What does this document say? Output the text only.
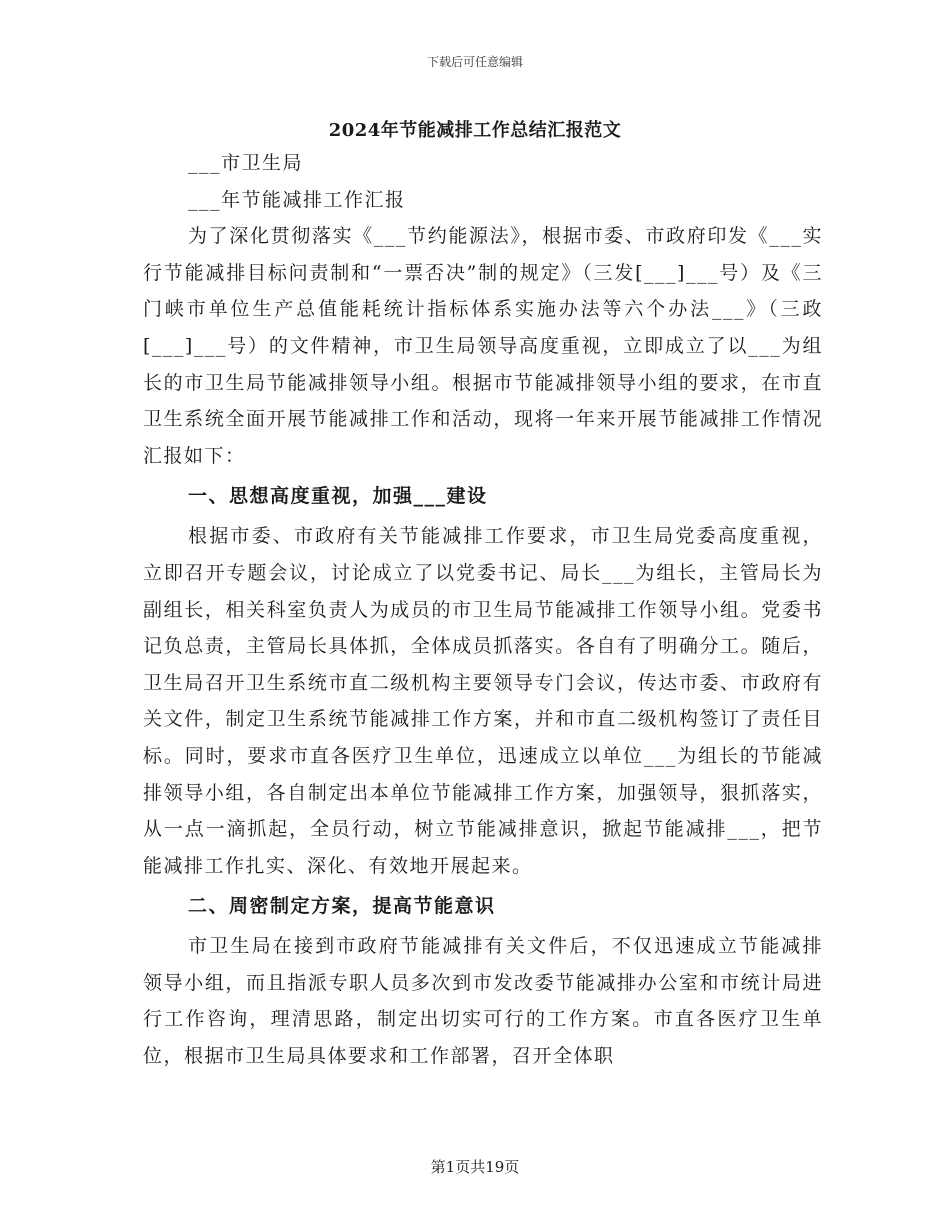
下载后可任意编辑
2024年节能减排工作总结汇报范文

___市卫生局

___年节能减排工作汇报

为了深化贯彻落实《___节约能源法》，根据市委、市政府印发《___实行节能减排目标问责制和“一票否决”制的规定》（三发[___]___号）及《三门峡市单位生产总值能耗统计指标体系实施办法等六个办法___》（三政[___]___号）的文件精神，市卫生局领导高度重视，立即成立了以___为组长的市卫生局节能减排领导小组。根据市节能减排领导小组的要求，在市直卫生系统全面开展节能减排工作和活动，现将一年来开展节能减排工作情况汇报如下：

一、思想高度重视，加强___建设

根据市委、市政府有关节能减排工作要求，市卫生局党委高度重视，立即召开专题会议，讨论成立了以党委书记、局长___为组长，主管局长为副组长，相关科室负责人为成员的市卫生局节能减排工作领导小组。党委书记负总责，主管局长具体抓，全体成员抓落实。各自有了明确分工。随后，卫生局召开卫生系统市直二级机构主要领导专门会议，传达市委、市政府有关文件，制定卫生系统节能减排工作方案，并和市直二级机构签订了责任目标。同时，要求市直各医疗卫生单位，迅速成立以单位___为组长的节能减排领导小组，各自制定出本单位节能减排工作方案，加强领导，狠抓落实，从一点一滴抓起，全员行动，树立节能减排意识，掀起节能减排___，把节能减排工作扎实、深化、有效地开展起来。

二、周密制定方案，提高节能意识

市卫生局在接到市政府节能减排有关文件后，不仅迅速成立节能减排领导小组，而且指派专职人员多次到市发改委节能减排办公室和市统计局进行工作咨询，理清思路，制定出切实可行的工作方案。市直各医疗卫生单位，根据市卫生局具体要求和工作部署，召开全体职

第1页共19页
